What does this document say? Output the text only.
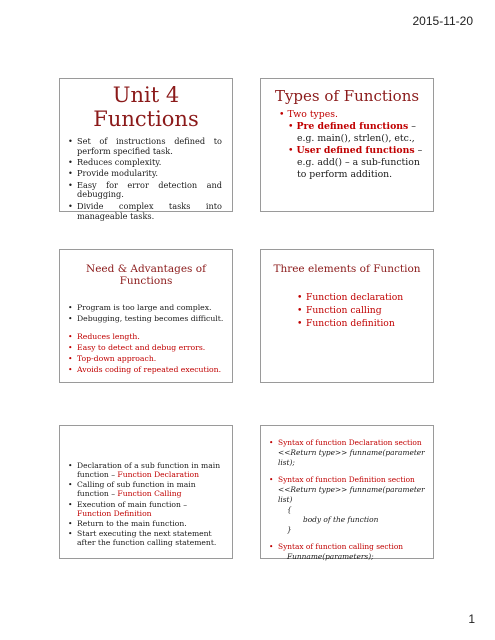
2015-11-20
Unit 4
Functions
• Set of instructions defined to perform specified task.
• Reduces complexity.
• Provide modularity.
• Easy for error detection and debugging.
• Divide complex tasks into manageable tasks.
Types of Functions
• Two types.
• Pre defined functions –
e.g. main(), strlen(), etc.,
• User defined functions –
e.g. add() – a sub-function
to perform addition.
Need & Advantages of Functions
• Program is too large and complex.
• Debugging, testing becomes difficult.
• Reduces length.
• Easy to detect and debug errors.
• Top-down approach.
• Avoids coding of repeated execution.
Three elements of Function
• Function declaration
• Function calling
• Function definition
• Declaration of a sub function in main function – Function Declaration
• Calling of sub function in main function – Function Calling
• Execution of main function – Function Definition
• Return to the main function.
• Start executing the next statement after the function calling statement.
• Syntax of function Declaration section
<<Return type>> funname(parameter list);
• Syntax of function Definition section
<<Return type>> funname(parameter list)
{
body of the function
}
• Syntax of function calling section
Funname(parameters);
1
